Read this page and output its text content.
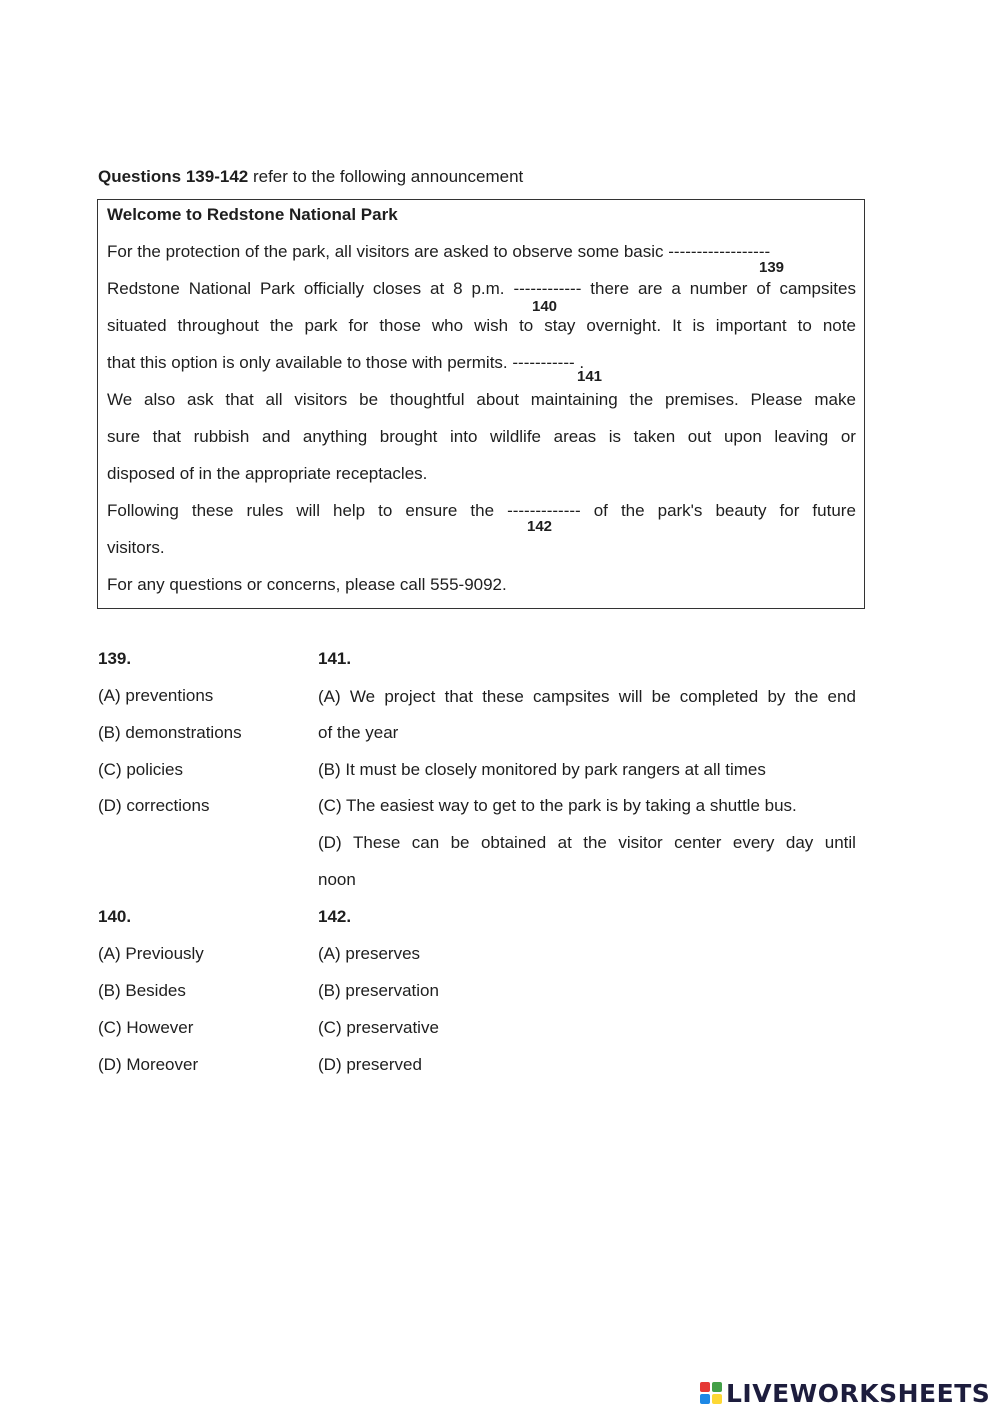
Questions 139-142 refer to the following announcement
Welcome to Redstone National Park
For the protection of the park, all visitors are asked to observe some basic ------------------
139
Redstone National Park officially closes at 8 p.m. ------------ there are a number of campsites
140
situated throughout the park for those who wish to stay overnight. It is important to note
that this option is only available to those with permits. ----------- .
141
We also ask that all visitors be thoughtful about maintaining the premises. Please make
sure that rubbish and anything brought into wildlife areas is taken out upon leaving or
disposed of in the appropriate receptacles.
Following these rules will help to ensure the ------------- of the park's beauty for future
142
visitors.
For any questions or concerns, please call 555-9092.
139.
(A) preventions
(B) demonstrations
(C) policies
(D) corrections
141.
(A) We project that these campsites will be completed by the end
of the year
(B) It must be closely monitored by park rangers at all times
(C) The easiest way to get to the park is by taking a shuttle bus.
(D) These can be obtained at the visitor center every day until
noon
140.
(A) Previously
(B) Besides
(C) However
(D) Moreover
142.
(A) preserves
(B) preservation
(C) preservative
(D) preserved
LIVEWORKSHEETS
